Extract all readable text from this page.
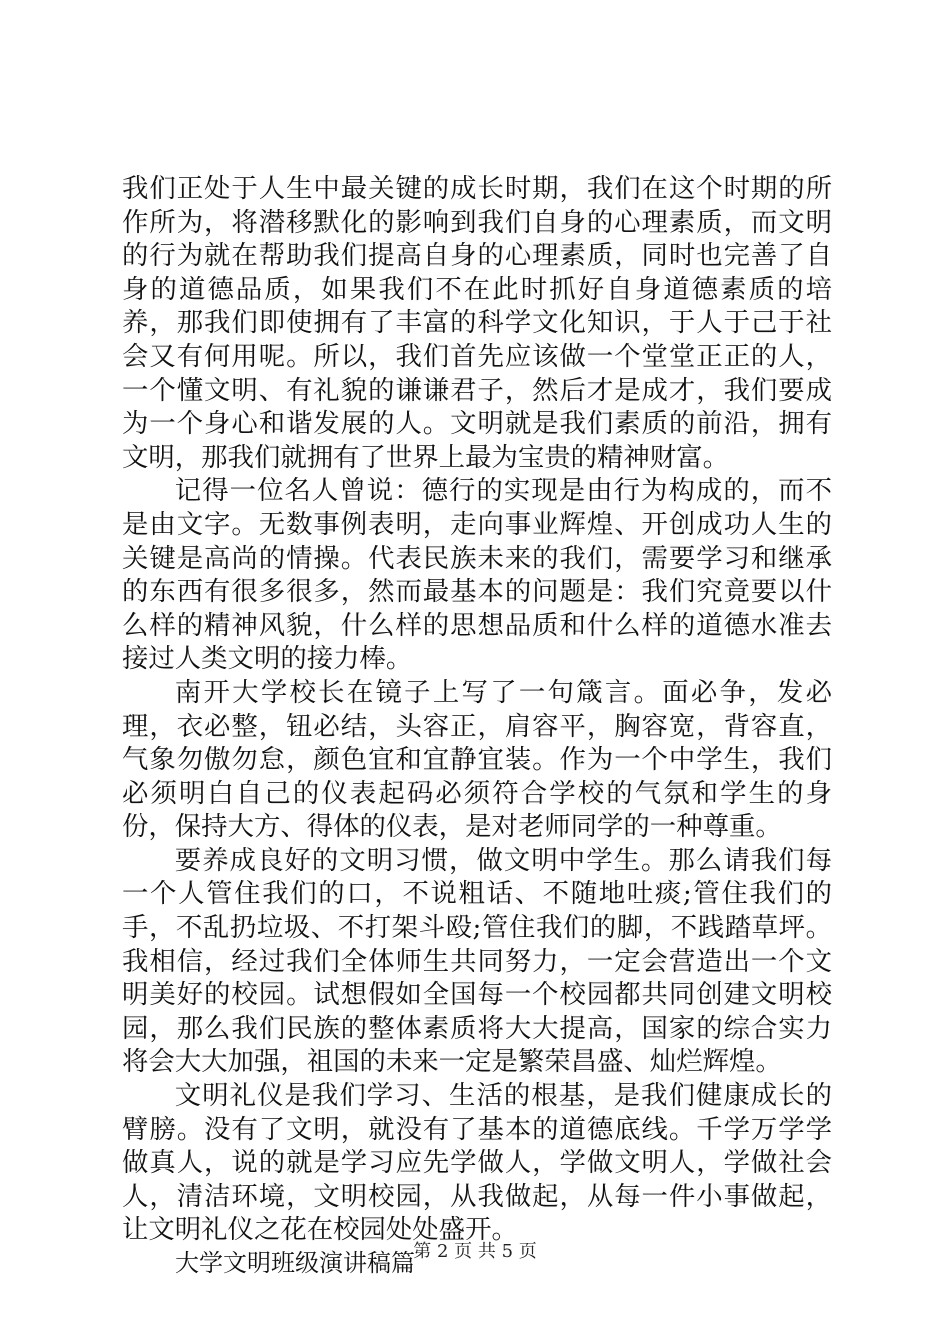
我们正处于人生中最关键的成长时期，我们在这个时期的所作所为，将潜移默化的影响到我们自身的心理素质，而文明的行为就在帮助我们提高自身的心理素质，同时也完善了自身的道德品质，如果我们不在此时抓好自身道德素质的培养，那我们即使拥有了丰富的科学文化知识，于人于己于社会又有何用呢。所以，我们首先应该做一个堂堂正正的人，一个懂文明、有礼貌的谦谦君子，然后才是成才，我们要成为一个身心和谐发展的人。文明就是我们素质的前沿，拥有文明，那我们就拥有了世界上最为宝贵的精神财富。

记得一位名人曾说：德行的实现是由行为构成的，而不是由文字。无数事例表明，走向事业辉煌、开创成功人生的关键是高尚的情操。代表民族未来的我们，需要学习和继承的东西有很多很多，然而最基本的问题是：我们究竟要以什么样的精神风貌，什么样的思想品质和什么样的道德水准去接过人类文明的接力棒。

南开大学校长在镜子上写了一句箴言。面必争，发必理，衣必整，钮必结，头容正，肩容平，胸容宽，背容直，气象勿傲勿怠，颜色宜和宜静宜装。作为一个中学生，我们必须明白自己的仪表起码必须符合学校的气氛和学生的身份，保持大方、得体的仪表，是对老师同学的一种尊重。

要养成良好的文明习惯，做文明中学生。那么请我们每一个人管住我们的口，不说粗话、不随地吐痰;管住我们的手，不乱扔垃圾、不打架斗殴;管住我们的脚，不践踏草坪。我相信，经过我们全体师生共同努力，一定会营造出一个文明美好的校园。试想假如全国每一个校园都共同创建文明校园，那么我们民族的整体素质将大大提高，国家的综合实力将会大大加强，祖国的未来一定是繁荣昌盛、灿烂辉煌。

文明礼仪是我们学习、生活的根基，是我们健康成长的臂膀。没有了文明，就没有了基本的道德底线。千学万学学做真人，说的就是学习应先学做人，学做文明人，学做社会人，清洁环境，文明校园，从我做起，从每一件小事做起，让文明礼仪之花在校园处处盛开。

大学文明班级演讲稿篇

第 2 页 共 5 页
